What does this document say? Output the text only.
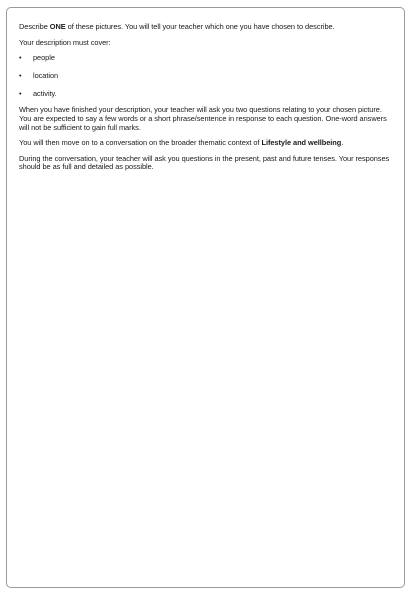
Describe ONE of these pictures. You will tell your teacher which one you have chosen to describe.

Your description must cover:

• people
• location
• activity.

When you have finished your description, your teacher will ask you two questions relating to your chosen picture. You are expected to say a few words or a short phrase/sentence in response to each question. One-word answers will not be sufficient to gain full marks.

You will then move on to a conversation on the broader thematic context of Lifestyle and wellbeing.

During the conversation, your teacher will ask you questions in the present, past and future tenses. Your responses should be as full and detailed as possible.
